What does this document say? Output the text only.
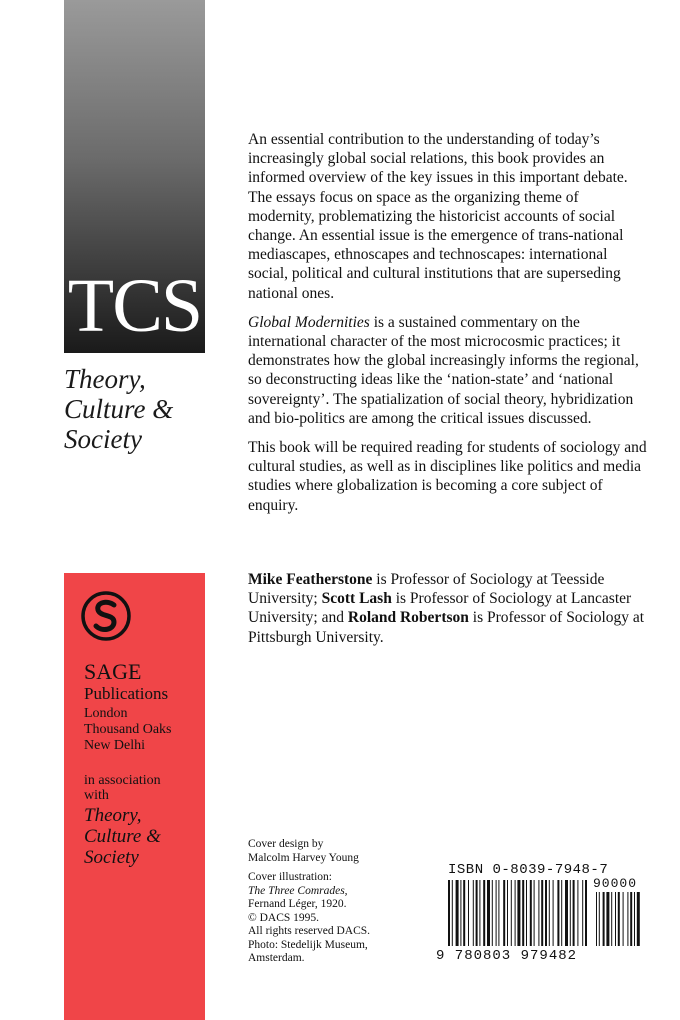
TCS
Theory,
Culture &
Society
SAGE
Publications
London
Thousand Oaks
New Delhi
in association
with
Theory,
Culture &
Society

An essential contribution to the understanding of today’s increasingly global social relations, this book provides an informed overview of the key issues in this important debate. The essays focus on space as the organizing theme of modernity, problematizing the historicist accounts of social change. An essential issue is the emergence of trans-national mediascapes, ethnoscapes and technoscapes: international social, political and cultural institutions that are superseding national ones.

Global Modernities is a sustained commentary on the international character of the most microcosmic practices; it demonstrates how the global increasingly informs the regional, so deconstructing ideas like the ‘nation-state’ and ‘national sovereignty’. The spatialization of social theory, hybridization and bio-politics are among the critical issues discussed.

This book will be required reading for students of sociology and cultural studies, as well as in disciplines like politics and media studies where globalization is becoming a core subject of enquiry.

Mike Featherstone is Professor of Sociology at Teesside University; Scott Lash is Professor of Sociology at Lancaster University; and Roland Robertson is Professor of Sociology at Pittsburgh University.

Cover design by
Malcolm Harvey Young

Cover illustration:
The Three Comrades,
Fernand Léger, 1920.
© DACS 1995.
All rights reserved DACS.
Photo: Stedelijk Museum,
Amsterdam.

ISBN 0-8039-7948-7
90000
9 780803 979482
